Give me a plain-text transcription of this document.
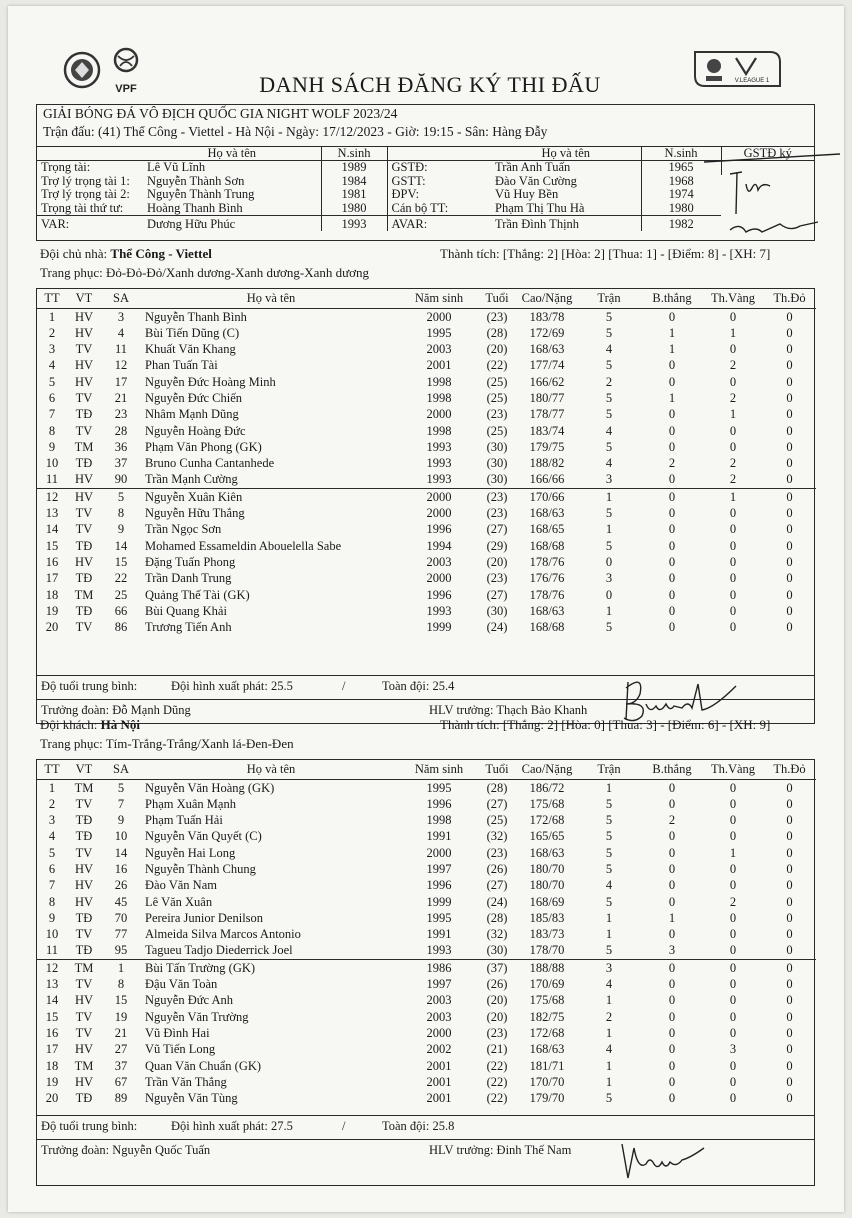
VPF
V.LEAGUE 1
DANH SÁCH ĐĂNG KÝ THI ĐẤU
GIẢI BÓNG ĐÁ VÔ ĐỊCH QUỐC GIA NIGHT WOLF 2023/24
Trận đấu: (41) Thể Công - Viettel - Hà Nội - Ngày: 17/12/2023 - Giờ: 19:15 - Sân: Hàng Đẫy
	Họ và tên	N.sinh		Họ và tên	N.sinh	GSTĐ ký
Trọng tài:	Lê Vũ Lĩnh	1989	GSTĐ:	Trần Anh Tuấn	1965	
Trợ lý trọng tài 1:	Nguyễn Thành Sơn	1984	GSTT:	Đào Văn Cường	1968	
Trợ lý trọng tài 2:	Nguyễn Thành Trung	1981	ĐPV:	Vũ Huy Bền	1974	
Trọng tài thứ tư:	Hoàng Thanh Bình	1980	Cán bộ TT:	Phạm Thị Thu Hà	1980	
VAR:	Dương Hữu Phúc	1993	AVAR:	Trần Đình Thịnh	1982	
Đội chủ nhà: Thể Công - Viettel	Thành tích: [Thắng: 2] [Hòa: 2] [Thua: 1] - [Điểm: 8] - [XH: 7]
Trang phục: Đỏ-Đỏ-Đỏ/Xanh dương-Xanh dương-Xanh dương
TT	VT	SA	Họ và tên	Năm sinh	Tuổi	Cao/Nặng	Trận	B.thắng	Th.Vàng	Th.Đỏ
1	HV	3	Nguyễn Thanh Bình	2000	(23)	183/78	5	0	0	0
2	HV	4	Bùi Tiến Dũng (C)	1995	(28)	172/69	5	1	1	0
3	TV	11	Khuất Văn Khang	2003	(20)	168/63	4	1	0	0
4	HV	12	Phan Tuấn Tài	2001	(22)	177/74	5	0	2	0
5	HV	17	Nguyễn Đức Hoàng Minh	1998	(25)	166/62	2	0	0	0
6	TV	21	Nguyễn Đức Chiến	1998	(25)	180/77	5	1	2	0
7	TĐ	23	Nhâm Mạnh Dũng	2000	(23)	178/77	5	0	1	0
8	TV	28	Nguyễn Hoàng Đức	1998	(25)	183/74	4	0	0	0
9	TM	36	Phạm Văn Phong (GK)	1993	(30)	179/75	5	0	0	0
10	TĐ	37	Bruno Cunha Cantanhede	1993	(30)	188/82	4	2	2	0
11	HV	90	Trần Mạnh Cường	1993	(30)	166/66	3	0	2	0
12	HV	5	Nguyễn Xuân Kiên	2000	(23)	170/66	1	0	1	0
13	TV	8	Nguyễn Hữu Thắng	2000	(23)	168/63	5	0	0	0
14	TV	9	Trần Ngọc Sơn	1996	(27)	168/65	1	0	0	0
15	TĐ	14	Mohamed Essameldin Abouelella Sabe	1994	(29)	168/68	5	0	0	0
16	HV	15	Đặng Tuấn Phong	2003	(20)	178/76	0	0	0	0
17	TĐ	22	Trần Danh Trung	2000	(23)	176/76	3	0	0	0
18	TM	25	Quảng Thế Tài (GK)	1996	(27)	178/76	0	0	0	0
19	TĐ	66	Bùi Quang Khải	1993	(30)	168/63	1	0	0	0
20	TV	86	Trương Tiến Anh	1999	(24)	168/68	5	0	0	0
Độ tuổi trung bình:	Đội hình xuất phát: 25.5	/	Toàn đội: 25.4
Trưởng đoàn: Đỗ Mạnh Dũng	HLV trưởng: Thạch Bảo Khanh
Đội khách: Hà Nội	Thành tích: [Thắng: 2] [Hòa: 0] [Thua: 3] - [Điểm: 6] - [XH: 9]
Trang phục: Tím-Trắng-Trắng/Xanh lá-Đen-Đen
TT	VT	SA	Họ và tên	Năm sinh	Tuổi	Cao/Nặng	Trận	B.thắng	Th.Vàng	Th.Đỏ
1	TM	5	Nguyễn Văn Hoàng (GK)	1995	(28)	186/72	1	0	0	0
2	TV	7	Phạm Xuân Mạnh	1996	(27)	175/68	5	0	0	0
3	TĐ	9	Phạm Tuấn Hải	1998	(25)	172/68	5	2	0	0
4	TĐ	10	Nguyễn Văn Quyết (C)	1991	(32)	165/65	5	0	0	0
5	TV	14	Nguyễn Hai Long	2000	(23)	168/63	5	0	1	0
6	HV	16	Nguyễn Thành Chung	1997	(26)	180/70	5	0	0	0
7	HV	26	Đào Văn Nam	1996	(27)	180/70	4	0	0	0
8	HV	45	Lê Văn Xuân	1999	(24)	168/69	5	0	2	0
9	TĐ	70	Pereira Junior Denilson	1995	(28)	185/83	1	1	0	0
10	TV	77	Almeida Silva Marcos Antonio	1991	(32)	183/73	1	0	0	0
11	TĐ	95	Tagueu Tadjo Diederrick Joel	1993	(30)	178/70	5	3	0	0
12	TM	1	Bùi Tấn Trường (GK)	1986	(37)	188/88	3	0	0	0
13	TV	8	Đậu Văn Toàn	1997	(26)	170/69	4	0	0	0
14	HV	15	Nguyễn Đức Anh	2003	(20)	175/68	1	0	0	0
15	TV	19	Nguyễn Văn Trường	2003	(20)	182/75	2	0	0	0
16	TV	21	Vũ Đình Hai	2000	(23)	172/68	1	0	0	0
17	HV	27	Vũ Tiến Long	2002	(21)	168/63	4	0	3	0
18	TM	37	Quan Văn Chuẩn (GK)	2001	(22)	181/71	1	0	0	0
19	HV	67	Trần Văn Thắng	2001	(22)	170/70	1	0	0	0
20	TĐ	89	Nguyễn Văn Tùng	2001	(22)	179/70	5	0	0	0
Độ tuổi trung bình:	Đội hình xuất phát: 27.5	/	Toàn đội: 25.8
Trưởng đoàn: Nguyễn Quốc Tuấn	HLV trưởng: Đinh Thế Nam
